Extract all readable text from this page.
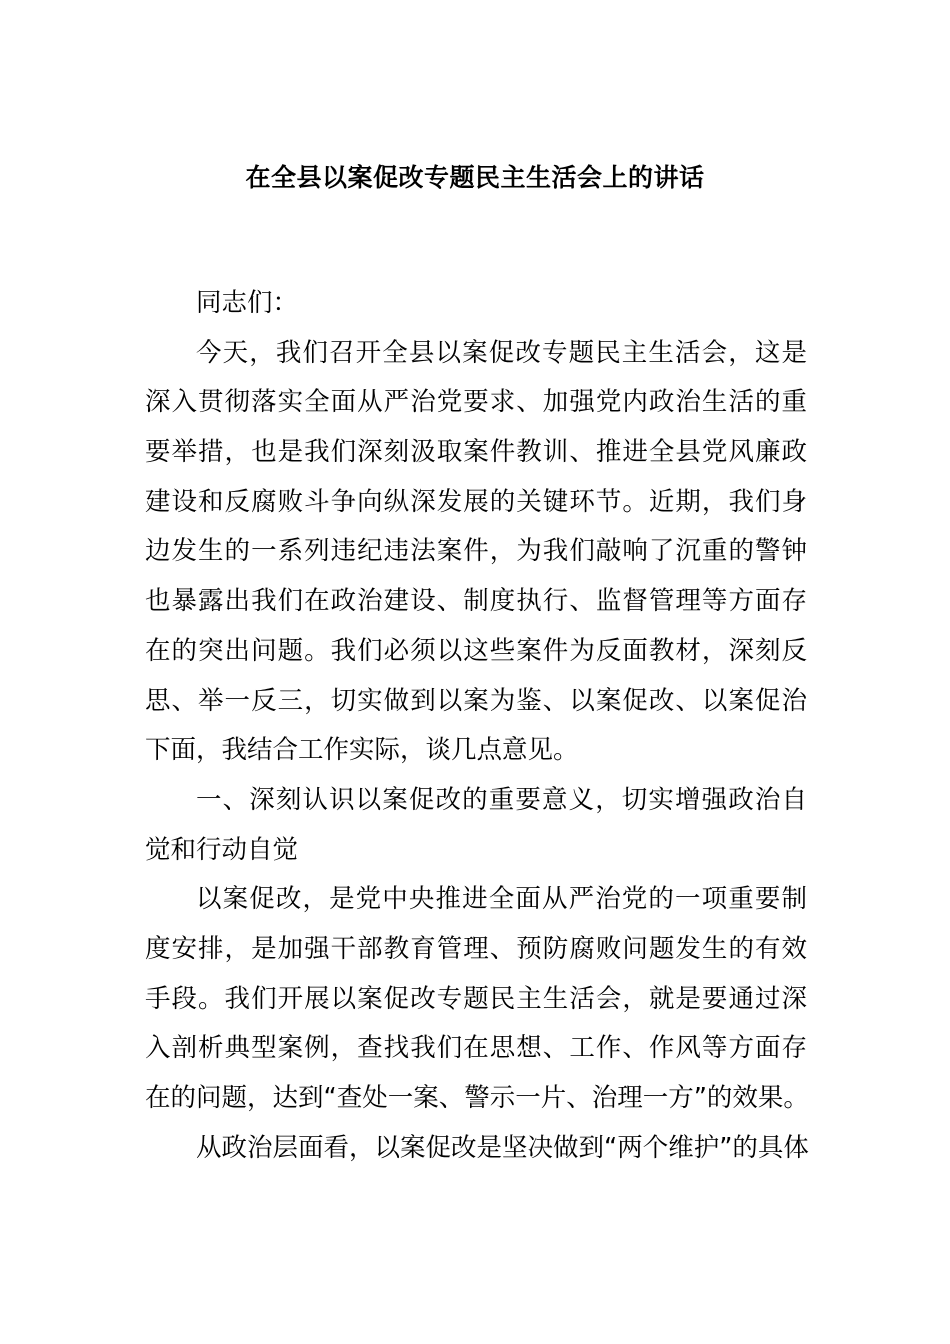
在全县以案促改专题民主生活会上的讲话
同志们：
今天，我们召开全县以案促改专题民主生活会，这是
深入贯彻落实全面从严治党要求、加强党内政治生活的重
要举措，也是我们深刻汲取案件教训、推进全县党风廉政
建设和反腐败斗争向纵深发展的关键环节。近期，我们身
边发生的一系列违纪违法案件，为我们敲响了沉重的警钟
也暴露出我们在政治建设、制度执行、监督管理等方面存
在的突出问题。我们必须以这些案件为反面教材，深刻反
思、举一反三，切实做到以案为鉴、以案促改、以案促治
下面，我结合工作实际，谈几点意见。
一、深刻认识以案促改的重要意义，切实增强政治自
觉和行动自觉
以案促改，是党中央推进全面从严治党的一项重要制
度安排，是加强干部教育管理、预防腐败问题发生的有效
手段。我们开展以案促改专题民主生活会，就是要通过深
入剖析典型案例，查找我们在思想、工作、作风等方面存
在的问题，达到“查处一案、警示一片、治理一方”的效果。
从政治层面看，以案促改是坚决做到“两个维护”的具体
